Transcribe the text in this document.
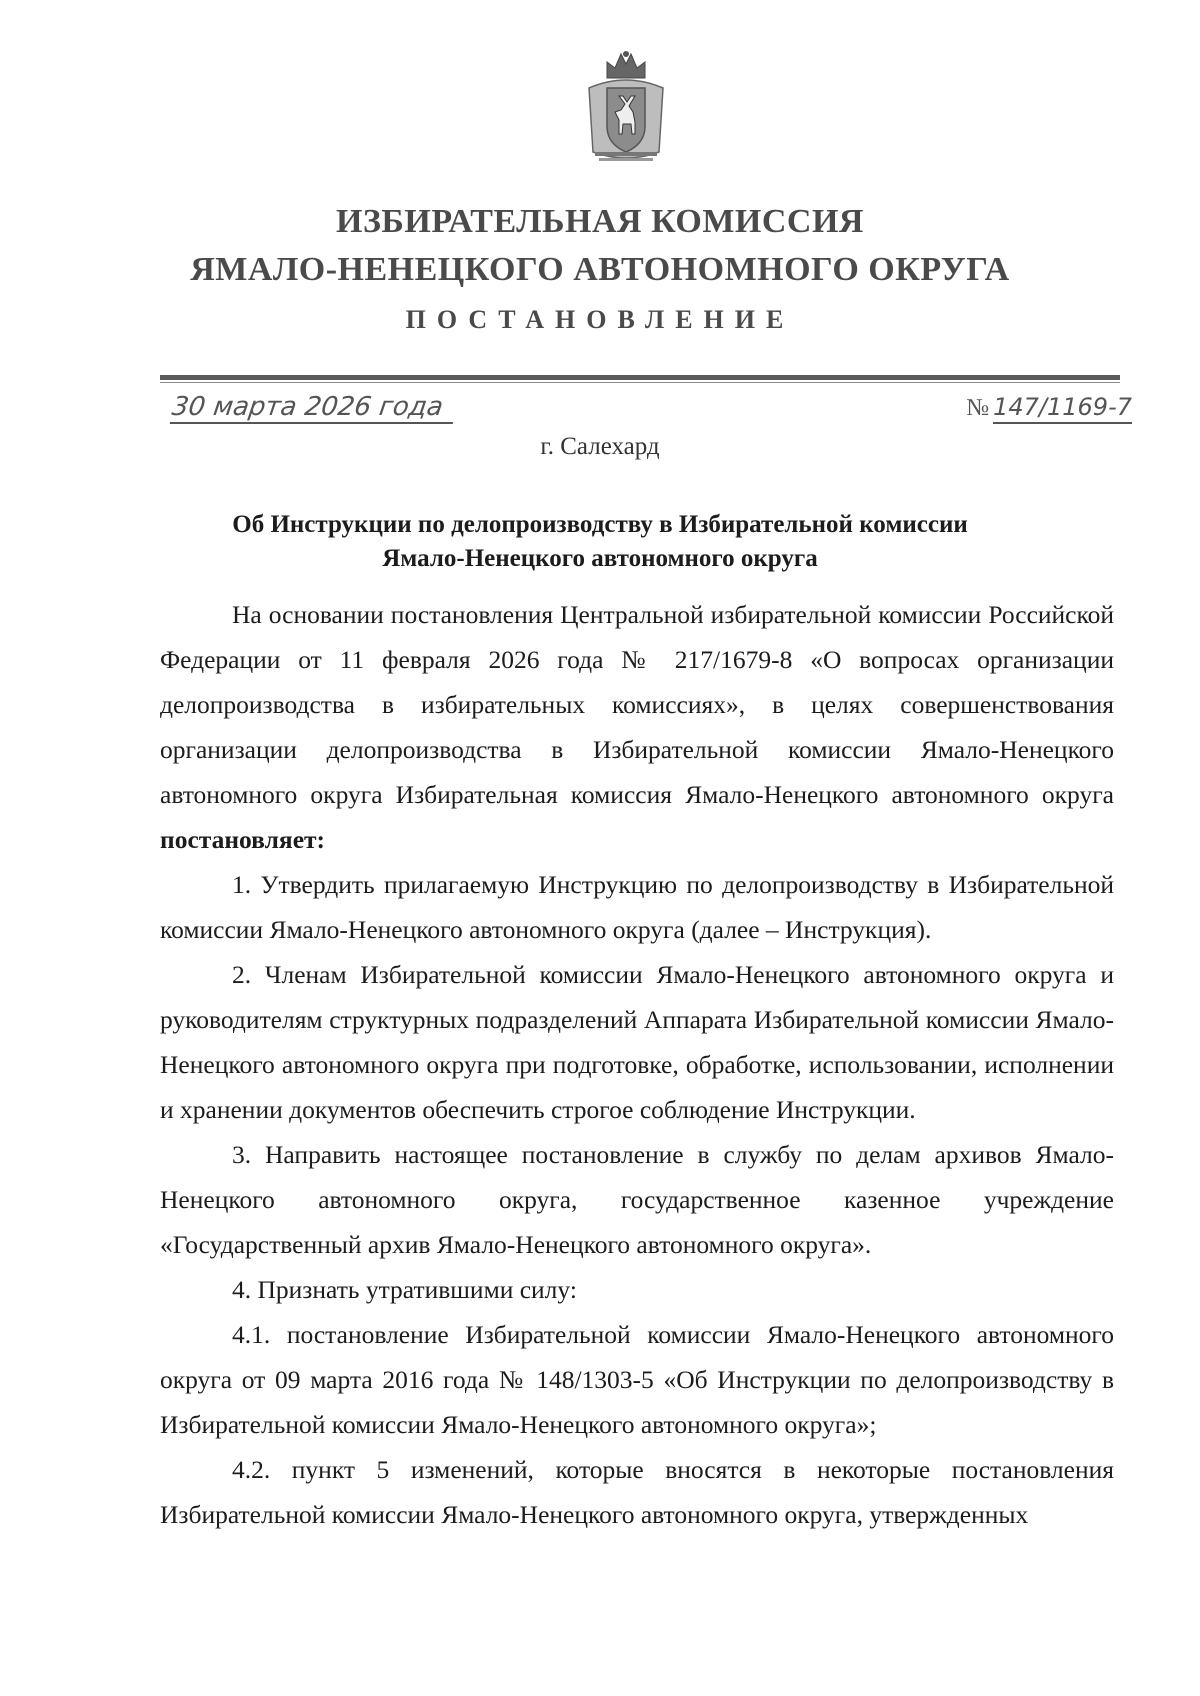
ИЗБИРАТЕЛЬНАЯ КОМИССИЯ
ЯМАЛО-НЕНЕЦКОГО АВТОНОМНОГО ОКРУГА
ПОСТАНОВЛЕНИЕ
30 марта 2026 года	№ 147/1169-7
г. Салехард
Об Инструкции по делопроизводству в Избирательной комиссии
Ямало-Ненецкого автономного округа

На основании постановления Центральной избирательной комиссии Российской Федерации от 11 февраля 2026 года № 217/1679-8 «О вопросах организации делопроизводства в избирательных комиссиях», в целях совершенствования организации делопроизводства в Избирательной комиссии Ямало-Ненецкого автономного округа Избирательная комиссия Ямало-Ненецкого автономного округа постановляет:

1. Утвердить прилагаемую Инструкцию по делопроизводству в Избирательной комиссии Ямало-Ненецкого автономного округа (далее – Инструкция).

2. Членам Избирательной комиссии Ямало-Ненецкого автономного округа и руководителям структурных подразделений Аппарата Избирательной комиссии Ямало-Ненецкого автономного округа при подготовке, обработке, использовании, исполнении и хранении документов обеспечить строгое соблюдение Инструкции.

3. Направить настоящее постановление в службу по делам архивов Ямало-Ненецкого автономного округа, государственное казенное учреждение «Государственный архив Ямало-Ненецкого автономного округа».

4. Признать утратившими силу:

4.1. постановление Избирательной комиссии Ямало-Ненецкого автономного округа от 09 марта 2016 года № 148/1303-5 «Об Инструкции по делопроизводству в Избирательной комиссии Ямало-Ненецкого автономного округа»;

4.2. пункт 5 изменений, которые вносятся в некоторые постановления Избирательной комиссии Ямало-Ненецкого автономного округа, утвержденных
